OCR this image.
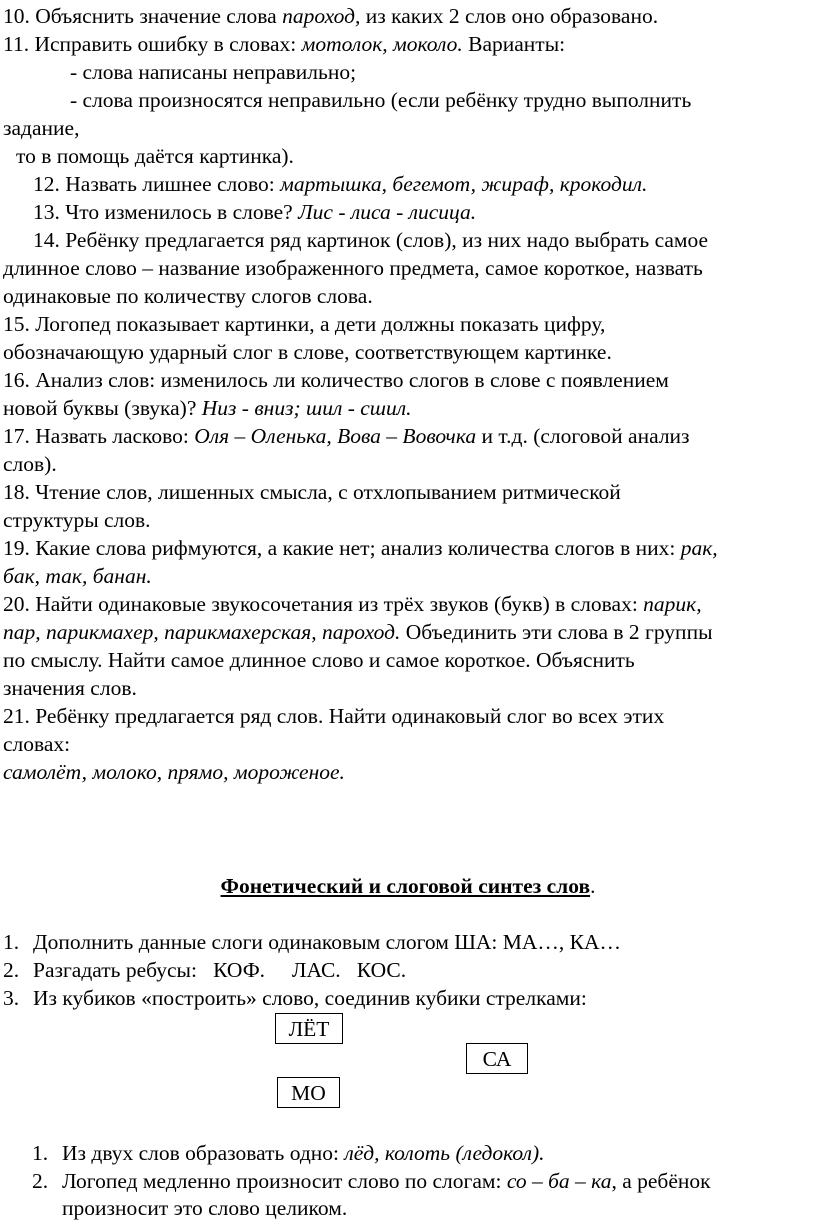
10. Объяснить значение слова пароход, из каких 2 слов оно образовано.
11. Исправить ошибку в словах: мотолок, моколо. Варианты:
- слова написаны неправильно;
- слова произносятся неправильно (если ребёнку трудно выполнить
задание,
то в помощь даётся картинка).
12. Назвать лишнее слово: мартышка, бегемот, жираф, крокодил.
13. Что изменилось в слове? Лис - лиса - лисица.
14. Ребёнку предлагается ряд картинок (слов), из них надо выбрать самое
длинное слово – название изображенного предмета, самое короткое, назвать
одинаковые по количеству слогов слова.
15. Логопед показывает картинки, а дети должны показать цифру,
обозначающую ударный слог в слове, соответствующем картинке.
16. Анализ слов: изменилось ли количество слогов в слове с появлением
новой буквы (звука)? Низ - вниз; шил - сшил.
17. Назвать ласково: Оля – Оленька, Вова – Вовочка и т.д. (слоговой анализ
слов).
18. Чтение слов, лишенных смысла, с отхлопыванием ритмической
структуры слов.
19. Какие слова рифмуются, а какие нет; анализ количества слогов в них: рак,
бак, так, банан.
20. Найти одинаковые звукосочетания из трёх звуков (букв) в словах: парик,
пар, парикмахер, парикмахерская, пароход. Объединить эти слова в 2 группы
по смыслу. Найти самое длинное слово и самое короткое. Объяснить
значения слов.
21. Ребёнку предлагается ряд слов. Найти одинаковый слог во всех этих
словах:
самолёт, молоко, прямо, мороженое.
Фонетический и слоговой синтез слов.
1. Дополнить данные слоги одинаковым слогом ША: МА…, КА…
2. Разгадать ребусы:   КОФ.     ЛАС.   КОС.
3. Из кубиков «построить» слово, соединив кубики стрелками:
ЛЁТ
СА
МО
1. Из двух слов образовать одно: лёд, колоть (ледокол).
2. Логопед медленно произносит слово по слогам: со – ба – ка, а ребёнок
произносит это слово целиком.
